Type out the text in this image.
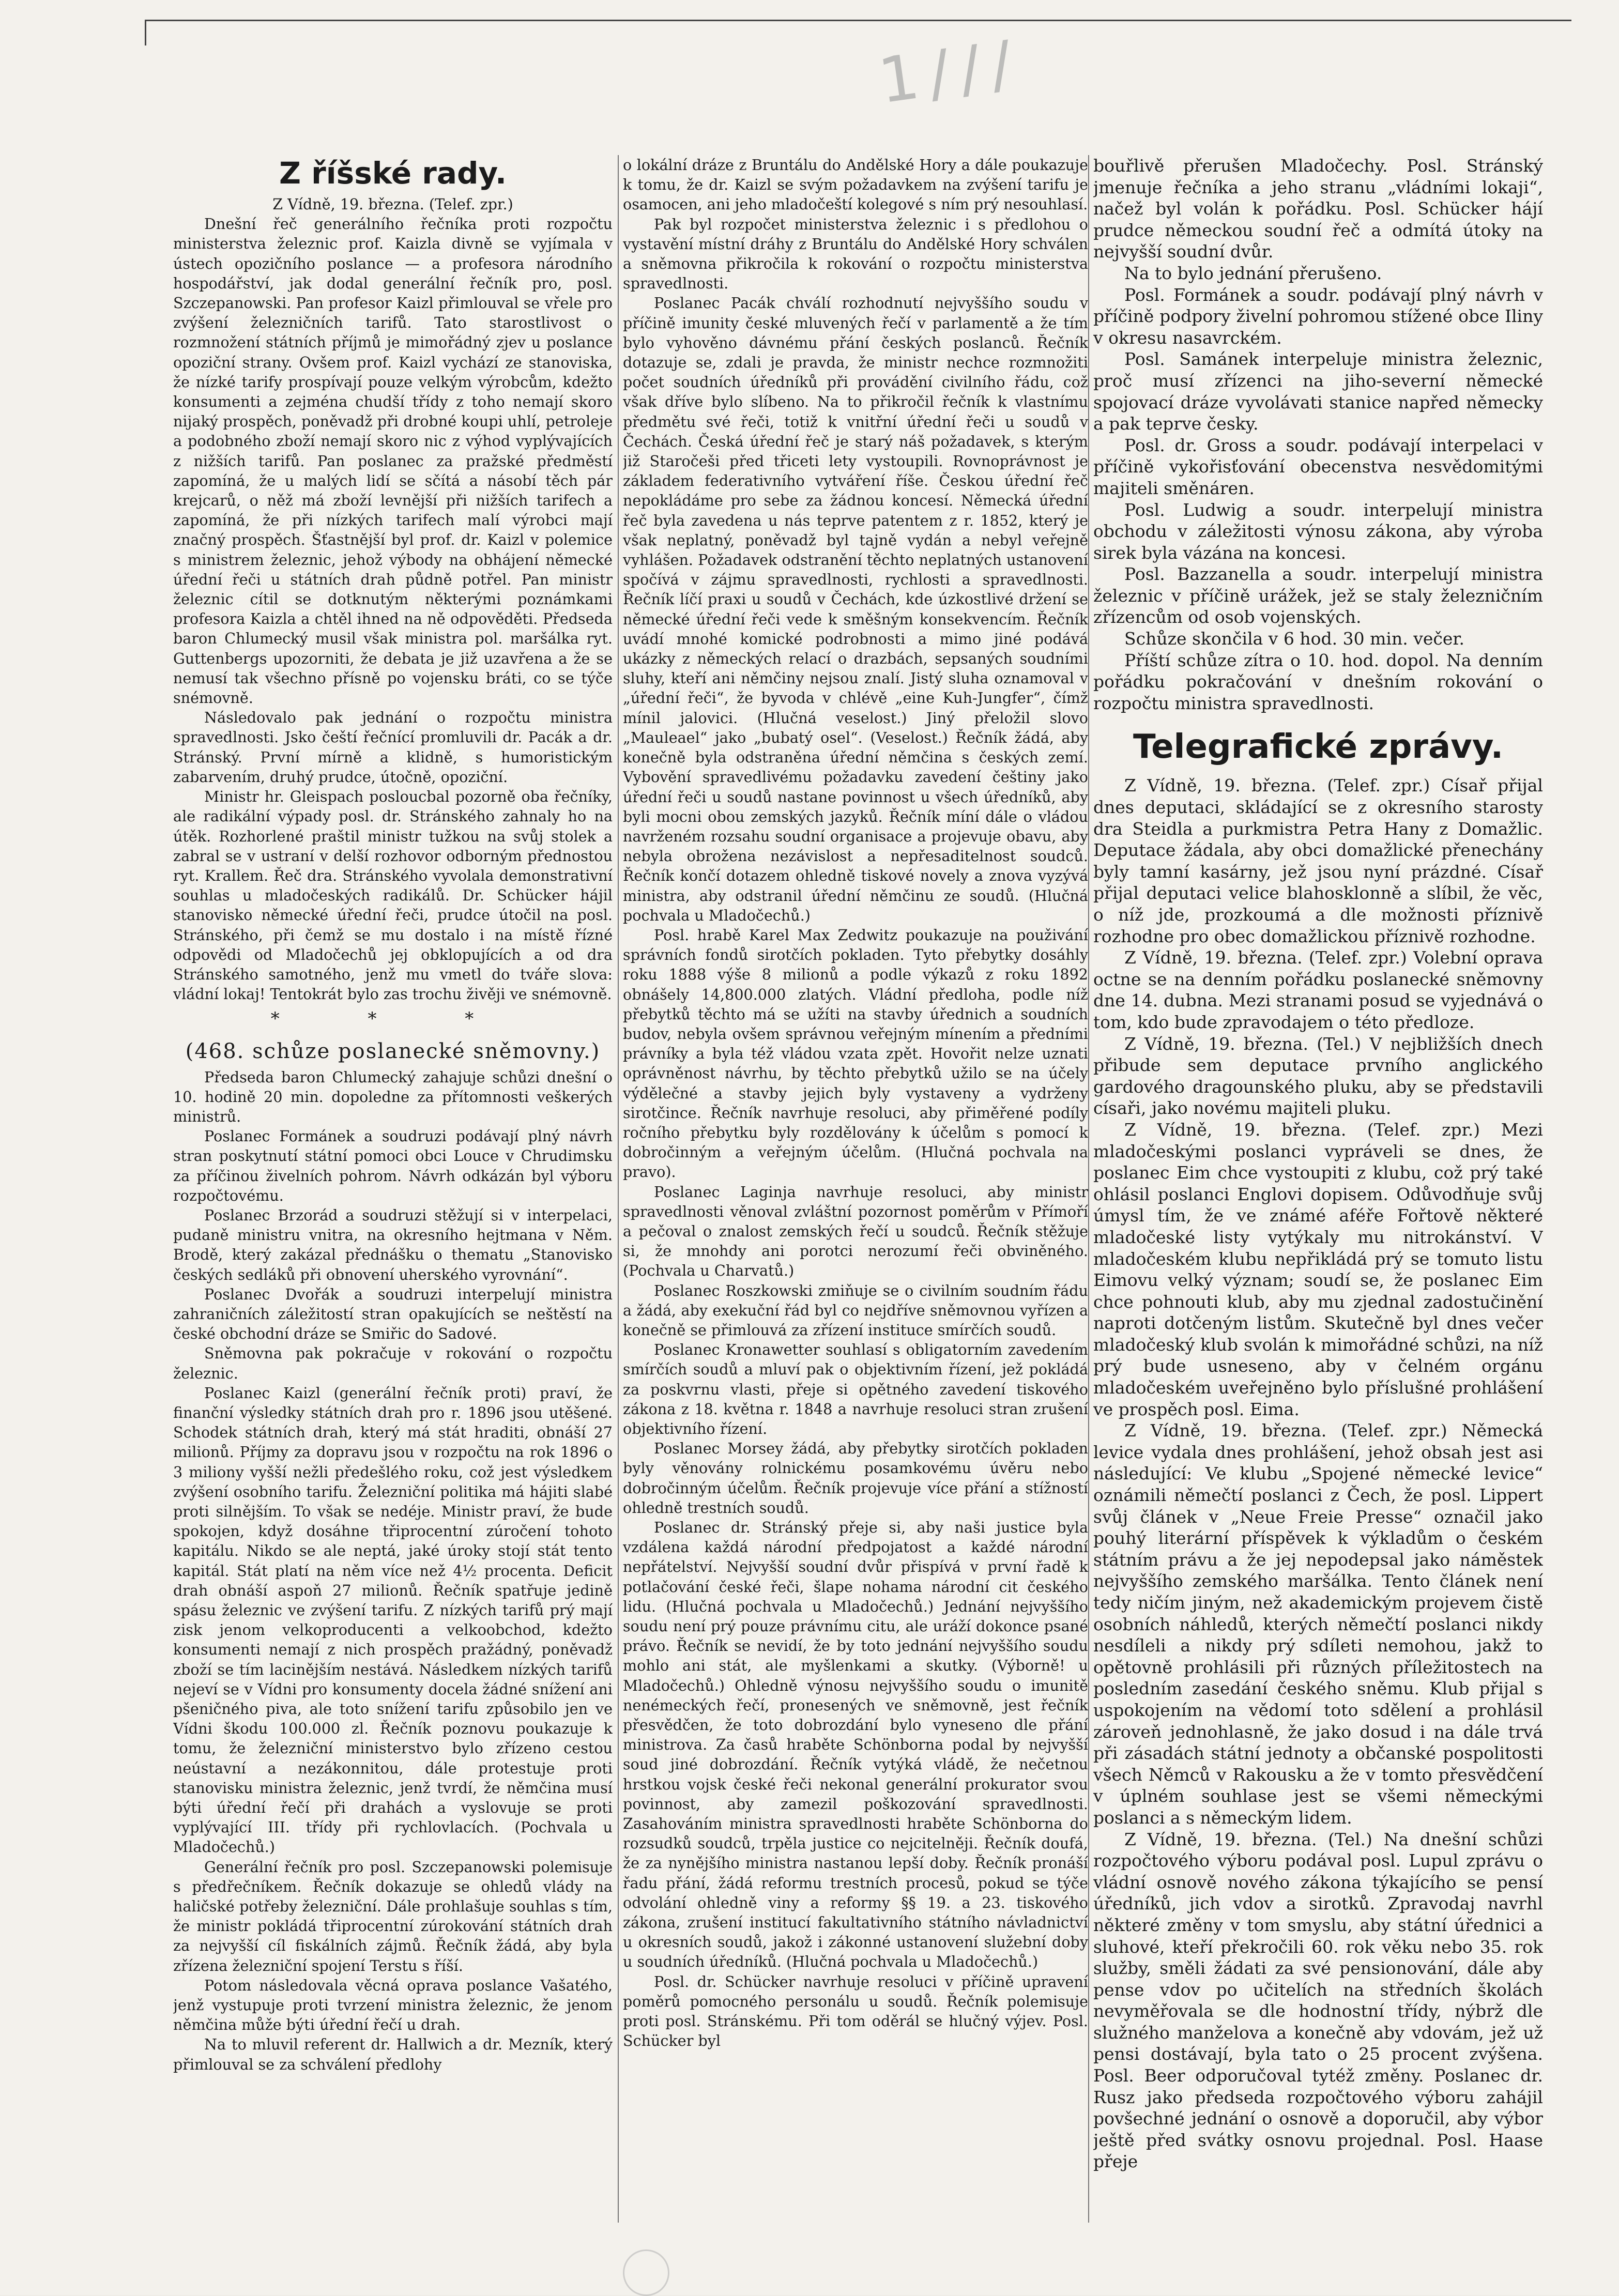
1///
Z říšské rady.

Z Vídně, 19. března. (Telef. zpr.)

Dnešní řeč generálního řečníka proti rozpočtu ministerstva železnic prof. Kaizla divně se vyjímala v ústech opozičního poslance — a profesora národního hospodářství, jak dodal generální řečník pro, posl. Szczepanowski. Pan profesor Kaizl přimlouval se vřele pro zvýšení železničních tarifů. Tato starostlivost o rozmnožení státních příjmů je mimořádný zjev u poslance opoziční strany. Ovšem prof. Kaizl vychází ze stanoviska, že nízké tarify prospívají pouze velkým výrobcům, kdežto konsumenti a zejména chudší třídy z toho nemají skoro nijaký prospěch, poněvadž při drobné koupi uhlí, petroleje a podobného zboží nemají skoro nic z výhod vyplývajících z nižších tarifů. Pan poslanec za pražské předměstí zapomíná, že u malých lidí se sčítá a násobí těch pár krejcarů, o něž má zboží levnější při nižších tarifech a zapomíná, že při nízkých tarifech malí výrobci mají značný prospěch. Šťastnější byl prof. dr. Kaizl v polemice s ministrem železnic, jehož výbody na obhájení německé úřední řeči u státních drah půdně potřel. Pan ministr železnic cítil se dotknutým některými poznámkami profesora Kaizla a chtěl ihned na ně odpověděti. Předseda baron Chlumecký musil však ministra pol. maršálka ryt. Guttenbergs upozorniti, že debata je již uzavřena a že se nemusí tak všechno přísně po vojensku bráti, co se týče snémovně.

Následovalo pak jednání o rozpočtu ministra spravedlnosti. Jsko čeští řečnící promluvili dr. Pacák a dr. Stránský. První mírně a klidně, s humoristickým zabarvením, druhý prudce, útočně, opoziční.

Ministr hr. Gleispach posloucbal pozorně oba řečníky, ale radikální výpady posl. dr. Stránského zahnaly ho na útěk. Rozhorlené praštil ministr tužkou na svůj stolek a zabral se v ustraní v delší rozhovor odborným přednostou ryt. Krallem. Řeč dra. Stránského vyvolala demonstrativní souhlas u mladočeských radikálů. Dr. Schücker hájil stanovisko německé úřední řeči, prudce útočil na posl. Stránského, při čemž se mu dostalo i na místě řízné odpovědi od Mladočechů jej obklopujících a od dra Stránského samotného, jenž mu vmetl do tváře slova: vládní lokaj! Tentokrát bylo zas trochu živěji ve snémovně.

* * *
(468. schůze poslanecké sněmovny.)

Předseda baron Chlumecký zahajuje schůzi dnešní o 10. hodině 20 min. dopoledne za přítomnosti veškerých ministrů.

Poslanec Formánek a soudruzi podávají plný návrh stran poskytnutí státní pomoci obci Louce v Chrudimsku za příčinou živelních pohrom. Návrh odkázán byl výboru rozpočtovému.

Poslanec Brzorád a soudruzi stěžují si v interpelaci, pudaně ministru vnitra, na okresního hejtmana v Něm. Brodě, který zakázal přednášku o thematu „Stanovisko českých sedláků při obnovení uherského vyrovnání“.

Poslanec Dvořák a soudruzi interpelují ministra zahraničních záležitostí stran opakujících se neštěstí na české obchodní dráze se Smiřic do Sadové.

Sněmovna pak pokračuje v rokování o rozpočtu železnic.

Poslanec Kaizl (generální řečník proti) praví, že finanční výsledky státních drah pro r. 1896 jsou utěšené. Schodek státních drah, který má stát hraditi, obnáší 27 milionů. Příjmy za dopravu jsou v rozpočtu na rok 1896 o 3 miliony vyšší nežli předešlého roku, což jest výsledkem zvýšení osobního tarifu. Železniční politika má hájiti slabé proti silnějším. To však se nedéje. Ministr praví, že bude spokojen, když dosáhne třiprocentní zúročení tohoto kapitálu. Nikdo se ale neptá, jaké úroky stojí stát tento kapitál. Stát platí na něm více než 4½ procenta. Deficit drah obnáší aspoň 27 milionů. Řečník spatřuje jedině spásu železnic ve zvýšení tarifu. Z nízkých tarifů prý mají zisk jenom velkoproducenti a velkoobchod, kdežto konsumenti nemají z nich prospěch pražádný, poněvadž zboží se tím lacinějším nestává. Následkem nízkých tarifů nejeví se v Vídni pro konsumenty docela žádné snížení ani pšeničného piva, ale toto snížení tarifu způsobilo jen ve Vídni škodu 100.000 zl. Řečník poznovu poukazuje k tomu, že železniční ministerstvo bylo zřízeno cestou neústavní a nezákonnitou, dále protestuje proti stanovisku ministra železnic, jenž tvrdí, že němčina musí býti úřední řečí při drahách a vyslovuje se proti vyplývající III. třídy při rychlovlacích. (Pochvala u Mladočechů.)

Generální řečník pro posl. Szczepanowski polemisuje s předřečníkem. Řečník dokazuje se ohledů vlády na haličské potřeby železniční. Dále prohlašuje souhlas s tím, že ministr pokládá třiprocentní zúrokování státních drah za nejvyšší cíl fiskálních zájmů. Řečník žádá, aby byla zřízena železniční spojení Terstu s říší.

Potom následovala věcná oprava poslance Vašatého, jenž vystupuje proti tvrzení ministra železnic, že jenom němčina může býti úřední řečí u drah.

Na to mluvil referent dr. Hallwich a dr. Mezník, který přimlouval se za schválení předlohy

o lokální dráze z Bruntálu do Andělské Hory a dále poukazuje k tomu, že dr. Kaizl se svým požadavkem na zvýšení tarifu je osamocen, ani jeho mladočeští kolegové s ním prý nesouhlasí.

Pak byl rozpočet ministerstva železnic i s předlohou o vystavění místní dráhy z Bruntálu do Andělské Hory schválen a sněmovna přikročila k rokování o rozpočtu ministerstva spravedlnosti.

Poslanec Pacák chválí rozhodnutí nejvyššího soudu v příčině imunity české mluvených řečí v parlamentě a že tím bylo vyhověno dávnému přání českých poslanců. Řečník dotazuje se, zdali je pravda, že ministr nechce rozmnožiti počet soudních úředníků při provádění civilního řádu, což však dříve bylo slíbeno. Na to přikročil řečník k vlastnímu předmětu své řeči, totiž k vnitřní úřední řeči u soudů v Čechách. Česká úřední řeč je starý náš požadavek, s kterým již Staročeši před třiceti lety vystoupili. Rovnoprávnost je základem federativního vytváření říše. Českou úřední řeč nepokládáme pro sebe za žádnou koncesí. Německá úřední řeč byla zavedena u nás teprve patentem z r. 1852, který je však neplatný, poněvadž byl tajně vydán a nebyl veřejně vyhlášen. Požadavek odstranění těchto neplatných ustanovení spočívá v zájmu spravedlnosti, rychlosti a spravedlnosti. Řečník líčí praxi u soudů v Čechách, kde úzkostlivé držení se německé úřední řeči vede k směšným konsekvencím. Řečník uvádí mnohé komické podrobnosti a mimo jiné podává ukázky z německých relací o drazbách, sepsaných soudními sluhy, kteří ani němčiny nejsou znalí. Jistý sluha oznamoval v „úřední řeči“, že byvoda v chlévě „eine Kuh-Jungfer“, čímž mínil jalovici. (Hlučná veselost.) Jiný přeložil slovo „Mauleael“ jako „bubatý osel“. (Veselost.) Řečník žádá, aby konečně byla odstraněna úřední němčina s českých zemí. Vybovění spravedlivému požadavku zavedení češtiny jako úřední řeči u soudů nastane povinnost u všech úředníků, aby byli mocni obou zemských jazyků. Řečník míní dále o vládou navrženém rozsahu soudní organisace a projevuje obavu, aby nebyla obrožena nezávislost a nepřesaditelnost soudců. Řečník končí dotazem ohledně tiskové novely a znova vyzývá ministra, aby odstranil úřední němčinu ze soudů. (Hlučná pochvala u Mladočechů.)

Posl. hrabě Karel Max Zedwitz poukazuje na použivání správních fondů sirotčích pokladen. Tyto přebytky dosáhly roku 1888 výše 8 milionů a podle výkazů z roku 1892 obnášely 14,800.000 zlatých. Vládní předloha, podle níž přebytků těchto má se užíti na stavby úřednich a soudních budov, nebyla ovšem správnou veřejným mínením a předními právníky a byla též vládou vzata zpět. Hovořit nelze uznati oprávněnost návrhu, by těchto přebytků užilo se na účely výdělečné a stavby jejich byly vystaveny a vydrženy sirotčince. Řečník navrhuje resoluci, aby přiměřené podíly ročního přebytku byly rozdělovány k účelům s pomocí k dobročinným a veřejným účelům. (Hlučná pochvala na pravo).

Poslanec Laginja navrhuje resoluci, aby ministr spravedlnosti věnoval zvláštní pozornost poměrům v Přímoří a pečoval o znalost zemských řečí u soudců. Řečník stěžuje si, že mnohdy ani porotci nerozumí řeči obviněného. (Pochvala u Charvatů.)

Poslanec Roszkowski zmiňuje se o civilním soudním řádu a žádá, aby exekuční řád byl co nejdříve sněmovnou vyřízen a konečně se přimlouvá za zřízení instituce smírčích soudů.

Poslanec Kronawetter souhlasí s obligatorním zavedením smírčích soudů a mluví pak o objektivním řízení, jež pokládá za poskvrnu vlasti, přeje si opětného zavedení tiskového zákona z 18. května r. 1848 a navrhuje resoluci stran zrušení objektivního řízení.

Poslanec Morsey žádá, aby přebytky sirotčích pokladen byly věnovány rolnickému posamkovému úvěru nebo dobročinným účelům. Řečník projevuje více přání a stížností ohledně trestních soudů.

Poslanec dr. Stránský přeje si, aby naši justice byla vzdálena každá národní předpojatost a každé národní nepřátelství. Nejvyšší soudní dvůr přispívá v první řadě k potlačování české řeči, šlape nohama národní cit českého lidu. (Hlučná pochvala u Mladočechů.) Jednání nejvyššího soudu není prý pouze právnímu citu, ale uráží dokonce psané právo. Řečník se nevidí, že by toto jednání nejvyššího soudu mohlo ani stát, ale myšlenkami a skutky. (Výborně! u Mladočechů.) Ohledně výnosu nejvyššího soudu o imunitě nenémeckých řečí, pronesených ve sněmovně, jest řečník přesvědčen, že toto dobrozdání bylo vyneseno dle přání ministrova. Za časů hraběte Schönborna podal by nejvyšší soud jiné dobrozdání. Řečník vytýká vládě, že nečetnou hrstkou vojsk české řeči nekonal generální prokurator svou povinnost, aby zamezil poškozování spravedlnosti. Zasahováním ministra spravedlnosti hraběte Schönborna do rozsudků soudců, trpěla justice co nejcitelněji. Řečník doufá, že za nynějšího ministra nastanou lepší doby. Řečník pronáší řadu přání, žádá reformu trestních procesů, pokud se týče odvolání ohledně viny a reformy §§ 19. a 23. tiskového zákona, zrušení institucí fakultativního státního návladnictví u okresních soudů, jakož i zákonné ustanovení služební doby u soudních úředníků. (Hlučná pochvala u Mladočechů.)

Posl. dr. Schücker navrhuje resoluci v příčině upravení poměrů pomocného personálu u soudů. Řečník polemisuje proti posl. Stránskému. Při tom oděrál se hlučný výjev. Posl. Schücker byl

bouřlivě přerušen Mladočechy. Posl. Stránský jmenuje řečníka a jeho stranu „vládními lokaji“, načež byl volán k pořádku. Posl. Schücker hájí prudce německou soudní řeč a odmítá útoky na nejvyšší soudní dvůr.

Na to bylo jednání přerušeno.

Posl. Formánek a soudr. podávají plný návrh v příčině podpory živelní pohromou stížené obce Iliny v okresu nasavrckém.

Posl. Samánek interpeluje ministra železnic, proč musí zřízenci na jiho-severní německé spojovací dráze vyvolávati stanice napřed německy a pak teprve česky.

Posl. dr. Gross a soudr. podávají interpelaci v příčině vykořisťování obecenstva nesvědomitými majiteli směnáren.

Posl. Ludwig a soudr. interpelují ministra obchodu v záležitosti výnosu zákona, aby výroba sirek byla vázána na koncesi.

Posl. Bazzanella a soudr. interpelují ministra železnic v příčině urážek, jež se staly železničním zřízencům od osob vojenských.

Schůze skončila v 6 hod. 30 min. večer.

Příští schůze zítra o 10. hod. dopol. Na denním pořádku pokračování v dnešním rokování o rozpočtu ministra spravedlnosti.

Telegrafické zprávy.

Z Vídně, 19. března. (Telef. zpr.) Císař přijal dnes deputaci, skládající se z okresního starosty dra Steidla a purkmistra Petra Hany z Domažlic. Deputace žádala, aby obci domažlické přenechány byly tamní kasárny, jež jsou nyní prázdné. Císař přijal deputaci velice blahosklonně a slíbil, že věc, o níž jde, prozkoumá a dle možnosti příznivě rozhodne pro obec domažlickou příznivě rozhodne.

Z Vídně, 19. března. (Telef. zpr.) Volební oprava octne se na denním pořádku poslanecké sněmovny dne 14. dubna. Mezi stranami posud se vyjednává o tom, kdo bude zpravodajem o této předloze.

Z Vídně, 19. března. (Tel.) V nejbližších dnech přibude sem deputace prvního anglického gardového dragounského pluku, aby se představili císaři, jako novému majiteli pluku.

Z Vídně, 19. března. (Telef. zpr.) Mezi mladočeskými poslanci vypráveli se dnes, že poslanec Eim chce vystoupiti z klubu, což prý také ohlásil poslanci Englovi dopisem. Odůvodňuje svůj úmysl tím, že ve známé aféře Fořtově některé mladočeské listy vytýkaly mu nitrokánství. V mladočeském klubu nepřikládá prý se tomuto listu Eimovu velký význam; soudí se, že poslanec Eim chce pohnouti klub, aby mu zjednal zadostučinění naproti dotčeným listům. Skutečně byl dnes večer mladočeský klub svolán k mimořádné schůzi, na níž prý bude usneseno, aby v čelném orgánu mladočeském uveřejněno bylo příslušné prohlášení ve prospěch posl. Eima.

Z Vídně, 19. března. (Telef. zpr.) Německá levice vydala dnes prohlášení, jehož obsah jest asi následující: Ve klubu „Spojené německé levice“ oznámili němečtí poslanci z Čech, že posl. Lippert svůj článek v „Neue Freie Presse“ označil jako pouhý literární příspěvek k výkladům o českém státním právu a že jej nepodepsal jako náměstek nejvyššího zemského maršálka. Tento článek není tedy ničím jiným, než akademickým projevem čistě osobních náhledů, kterých němečtí poslanci nikdy nesdíleli a nikdy prý sdíleti nemohou, jakž to opětovně prohlásili při různých příležitostech na posledním zasedání českého sněmu. Klub přijal s uspokojením na vědomí toto sdělení a prohlásil zároveň jednohlasně, že jako dosud i na dále trvá při zásadách státní jednoty a občanské pospolitosti všech Němců v Rakousku a že v tomto přesvědčení v úplném souhlase jest se všemi německými poslanci a s německým lidem.

Z Vídně, 19. března. (Tel.) Na dnešní schůzi rozpočtového výboru podával posl. Lupul zprávu o vládní osnově nového zákona týkajícího se pensí úředníků, jich vdov a sirotků. Zpravodaj navrhl některé změny v tom smyslu, aby státní úřednici a sluhové, kteří překročili 60. rok věku nebo 35. rok služby, směli žádati za své pensionování, dále aby pense vdov po učitelích na středních školách nevyměřovala se dle hodnostní třídy, nýbrž dle služného manželova a konečně aby vdovám, jež už pensi dostávají, byla tato o 25 procent zvýšena. Posl. Beer odporučoval tytéž změny. Poslanec dr. Rusz jako předseda rozpočtového výboru zahájil povšechné jednání o osnově a doporučil, aby výbor ještě před svátky osnovu projednal. Posl. Haase přeje
